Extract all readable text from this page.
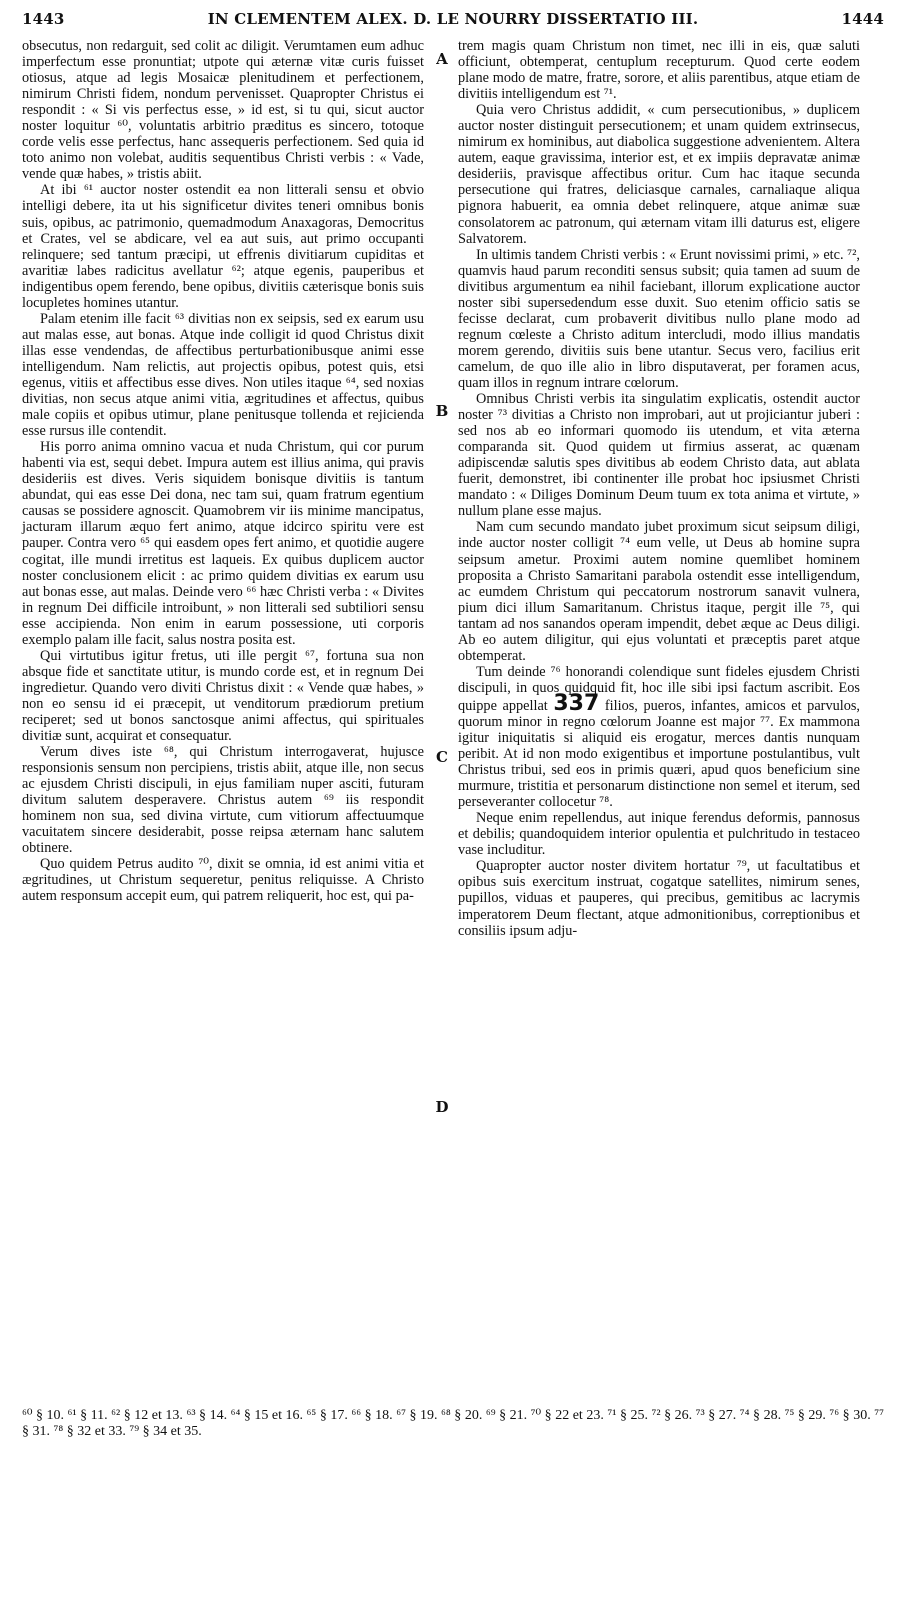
1443	IN CLEMENTEM ALEX. D. LE NOURRY DISSERTATIO III.	1444

obsecutus, non redarguit, sed colit ac diligit. Verumtamen eum adhuc imperfectum esse pronuntiat; utpote qui æternæ vitæ curis fuisset otiosus, atque ad legis Mosaicæ plenitudinem et perfectionem, nimirum Christi fidem, nondum pervenisset. Quapropter Christus ei respondit : « Si vis perfectus esse, » id est, si tu qui, sicut auctor noster loquitur ⁶⁰, voluntatis arbitrio præditus es sincero, totoque corde velis esse perfectus, hanc assequeris perfectionem. Sed quia id toto animo non volebat, auditis sequentibus Christi verbis : « Vade, vende quæ habes, » tristis abiit.

At ibi ⁶¹ auctor noster ostendit ea non litterali sensu et obvio intelligi debere, ita ut his significetur divites teneri omnibus bonis suis, opibus, ac patrimonio, quemadmodum Anaxagoras, Democritus et Crates, vel se abdicare, vel ea aut suis, aut primo occupanti relinquere; sed tantum præcipi, ut effrenis divitiarum cupiditas et avaritiæ labes radicitus avellatur ⁶²; atque egenis, pauperibus et indigentibus opem ferendo, bene opibus, divitiis cæterisque bonis suis locupletes homines utantur.

Palam etenim ille facit ⁶³ divitias non ex seipsis, sed ex earum usu aut malas esse, aut bonas. Atque inde colligit id quod Christus dixit illas esse vendendas, de affectibus perturbationibusque animi esse intelligendum. Nam relictis, aut projectis opibus, potest quis, etsi egenus, vitiis et affectibus esse dives. Non utiles itaque ⁶⁴, sed noxias divitias, non secus atque animi vitia, ægritudines et affectus, quibus male copiis et opibus utimur, plane penitusque tollenda et rejicienda esse rursus ille contendit.

His porro anima omnino vacua et nuda Christum, qui cor purum habenti via est, sequi debet. Impura autem est illius anima, qui pravis desideriis est dives. Veris siquidem bonisque divitiis is tantum abundat, qui eas esse Dei dona, nec tam sui, quam fratrum egentium causas se possidere agnoscit. Quamobrem vir iis minime mancipatus, jacturam illarum æquo fert animo, atque idcirco spiritu vere est pauper. Contra vero ⁶⁵ qui easdem opes fert animo, et quotidie augere cogitat, ille mundi irretitus est laqueis. Ex quibus duplicem auctor noster conclusionem elicit : ac primo quidem divitias ex earum usu aut bonas esse, aut malas. Deinde vero ⁶⁶ hæc Christi verba : « Divites in regnum Dei difficile introibunt, » non litterali sed subtiliori sensu esse accipienda. Non enim in earum possessione, uti corporis exemplo palam ille facit, salus nostra posita est.

Qui virtutibus igitur fretus, uti ille pergit ⁶⁷, fortuna sua non absque fide et sanctitate utitur, is mundo corde est, et in regnum Dei ingredietur. Quando vero diviti Christus dixit : « Vende quæ habes, » non eo sensu id ei præcepit, ut venditorum prædiorum pretium reciperet; sed ut bonos sanctosque animi affectus, qui spirituales divitiæ sunt, acquirat et consequatur.

Verum dives iste ⁶⁸, qui Christum interrogaverat, hujusce responsionis sensum non percipiens, tristis abiit, atque ille, non secus ac ejusdem Christi discipuli, in ejus familiam nuper asciti, futuram divitum salutem desperavere. Christus autem ⁶⁹ iis respondit hominem non sua, sed divina virtute, cum vitiorum affectuumque vacuitatem sincere desiderabit, posse reipsa æternam hanc salutem obtinere.

Quo quidem Petrus audito ⁷⁰, dixit se omnia, id est animi vitia et ægritudines, ut Christum sequeretur, penitus reliquisse. A Christo autem responsum accepit eum, qui patrem reliquerit, hoc est, qui pa-

A
B
C
D

trem magis quam Christum non timet, nec illi in eis, quæ saluti officiunt, obtemperat, centuplum recepturum. Quod certe eodem plane modo de matre, fratre, sorore, et aliis parentibus, atque etiam de divitiis intelligendum est ⁷¹.

Quia vero Christus addidit, « cum persecutionibus, » duplicem auctor noster distinguit persecutionem; et unam quidem extrinsecus, nimirum ex hominibus, aut diabolica suggestione advenientem. Altera autem, eaque gravissima, interior est, et ex impiis depravatæ animæ desideriis, pravisque affectibus oritur. Cum hac itaque secunda persecutione qui fratres, deliciasque carnales, carnaliaque aliqua pignora habuerit, ea omnia debet relinquere, atque animæ suæ consolatorem ac patronum, qui æternam vitam illi daturus est, eligere Salvatorem.

In ultimis tandem Christi verbis : « Erunt novissimi primi, » etc. ⁷², quamvis haud parum reconditi sensus subsit; quia tamen ad suum de divitibus argumentum ea nihil faciebant, illorum explicatione auctor noster sibi supersedendum esse duxit. Suo etenim officio satis se fecisse declarat, cum probaverit divitibus nullo plane modo ad regnum cœleste a Christo aditum intercludi, modo illius mandatis morem gerendo, divitiis suis bene utantur. Secus vero, facilius erit camelum, de quo ille alio in libro disputaverat, per foramen acus, quam illos in regnum intrare cœlorum.

Omnibus Christi verbis ita singulatim explicatis, ostendit auctor noster ⁷³ divitias a Christo non improbari, aut ut projiciantur juberi : sed nos ab eo informari quomodo iis utendum, et vita æterna comparanda sit. Quod quidem ut firmius asserat, ac quænam adipiscendæ salutis spes divitibus ab eodem Christo data, aut ablata fuerit, demonstret, ibi continenter ille probat hoc ipsiusmet Christi mandato : « Diliges Dominum Deum tuum ex tota anima et virtute, » nullum plane esse majus.

Nam cum secundo mandato jubet proximum sicut seipsum diligi, inde auctor noster colligit ⁷⁴ eum velle, ut Deus ab homine supra seipsum ametur. Proximi autem nomine quemlibet hominem proposita a Christo Samaritani parabola ostendit esse intelligendum, ac eumdem Christum qui peccatorum nostrorum sanavit vulnera, pium dici illum Samaritanum. Christus itaque, pergit ille ⁷⁵, qui tantam ad nos sanandos operam impendit, debet æque ac Deus diligi. Ab eo autem diligitur, qui ejus voluntati et præceptis paret atque obtemperat.

Tum deinde ⁷⁶ honorandi colendique sunt fideles ejusdem Christi discipuli, in quos quidquid fit, hoc ille sibi ipsi factum ascribit. Eos quippe appellat 337 filios, pueros, infantes, amicos et parvulos, quorum minor in regno cœlorum Joanne est major ⁷⁷. Ex mammona igitur iniquitatis si aliquid eis erogatur, merces dantis nunquam peribit. At id non modo exigentibus et importune postulantibus, vult Christus tribui, sed eos in primis quæri, apud quos beneficium sine murmure, tristitia et personarum distinctione non semel et iterum, sed perseveranter collocetur ⁷⁸.

Neque enim repellendus, aut inique ferendus deformis, pannosus et debilis; quandoquidem interior opulentia et pulchritudo in testaceo vase includitur.

Quapropter auctor noster divitem hortatur ⁷⁹, ut facultatibus et opibus suis exercitum instruat, cogatque satellites, nimirum senes, pupillos, viduas et pauperes, qui precibus, gemitibus ac lacrymis imperatorem Deum flectant, atque admonitionibus, correptionibus et consiliis ipsum adju-

⁶⁰ § 10. ⁶¹ § 11. ⁶² § 12 et 13. ⁶³ § 14. ⁶⁴ § 15 et 16. ⁶⁵ § 17. ⁶⁶ § 18. ⁶⁷ § 19. ⁶⁸ § 20. ⁶⁹ § 21. ⁷⁰ § 22 et 23. ⁷¹ § 25. ⁷² § 26. ⁷³ § 27. ⁷⁴ § 28. ⁷⁵ § 29. ⁷⁶ § 30. ⁷⁷ § 31. ⁷⁸ § 32 et 33. ⁷⁹ § 34 et 35.
